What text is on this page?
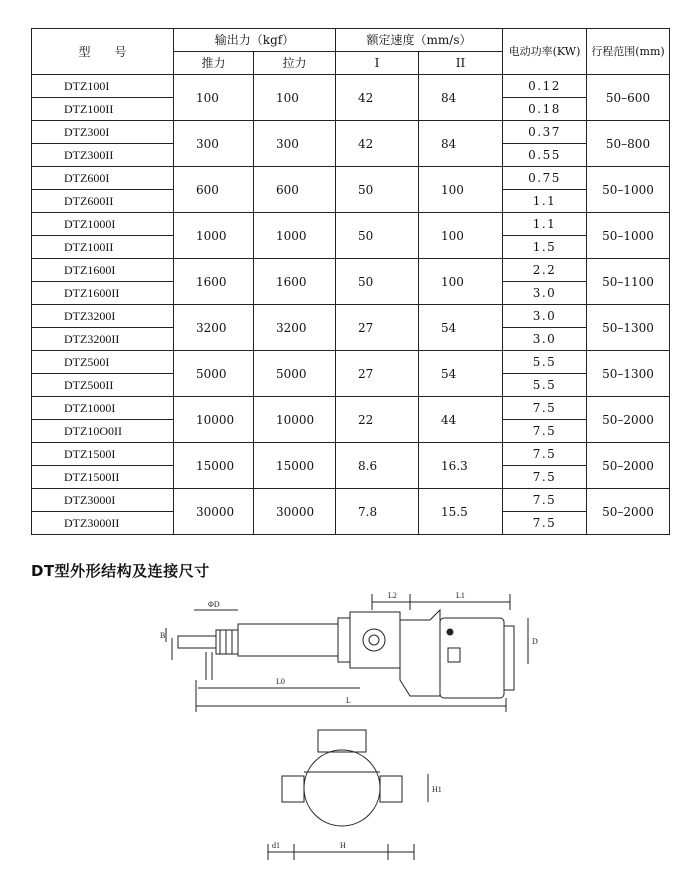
型　　号	输出力（kgf）		额定速度（mm/s）		电动功率(KW)	行程范围(mm)
	推力	拉力	I	II		
DTZ100I	100	100	42	84	0.12	50–600
DTZ100II					0.18	
DTZ300I	300	300	42	84	0.37	50–800
DTZ300II					0.55	
DTZ600I	600	600	50	100	0.75	50–1000
DTZ600II					1.1	
DTZ1000I	1000	1000	50	100	1.1	50–1000
DTZ100II					1.5	
DTZ1600I	1600	1600	50	100	2.2	50–1100
DTZ1600II					3.0	
DTZ3200I	3200	3200	27	54	3.0	50–1300
DTZ3200II					3.0	
DTZ500I	5000	5000	27	54	5.5	50–1300
DTZ500II					5.5	
DTZ1000I	10000	10000	22	44	7.5	50–2000
DTZ10O0II					7.5	
DTZ1500I	15000	15000	8.6	16.3	7.5	50–2000
DTZ1500II					7.5	
DTZ3000I	30000	30000	7.8	15.5	7.5	50–2000
DTZ3000II					7.5	
DT型外形结构及连接尺寸
L2	L1
ΦD
L0
L
D
B
H1
H
d1
